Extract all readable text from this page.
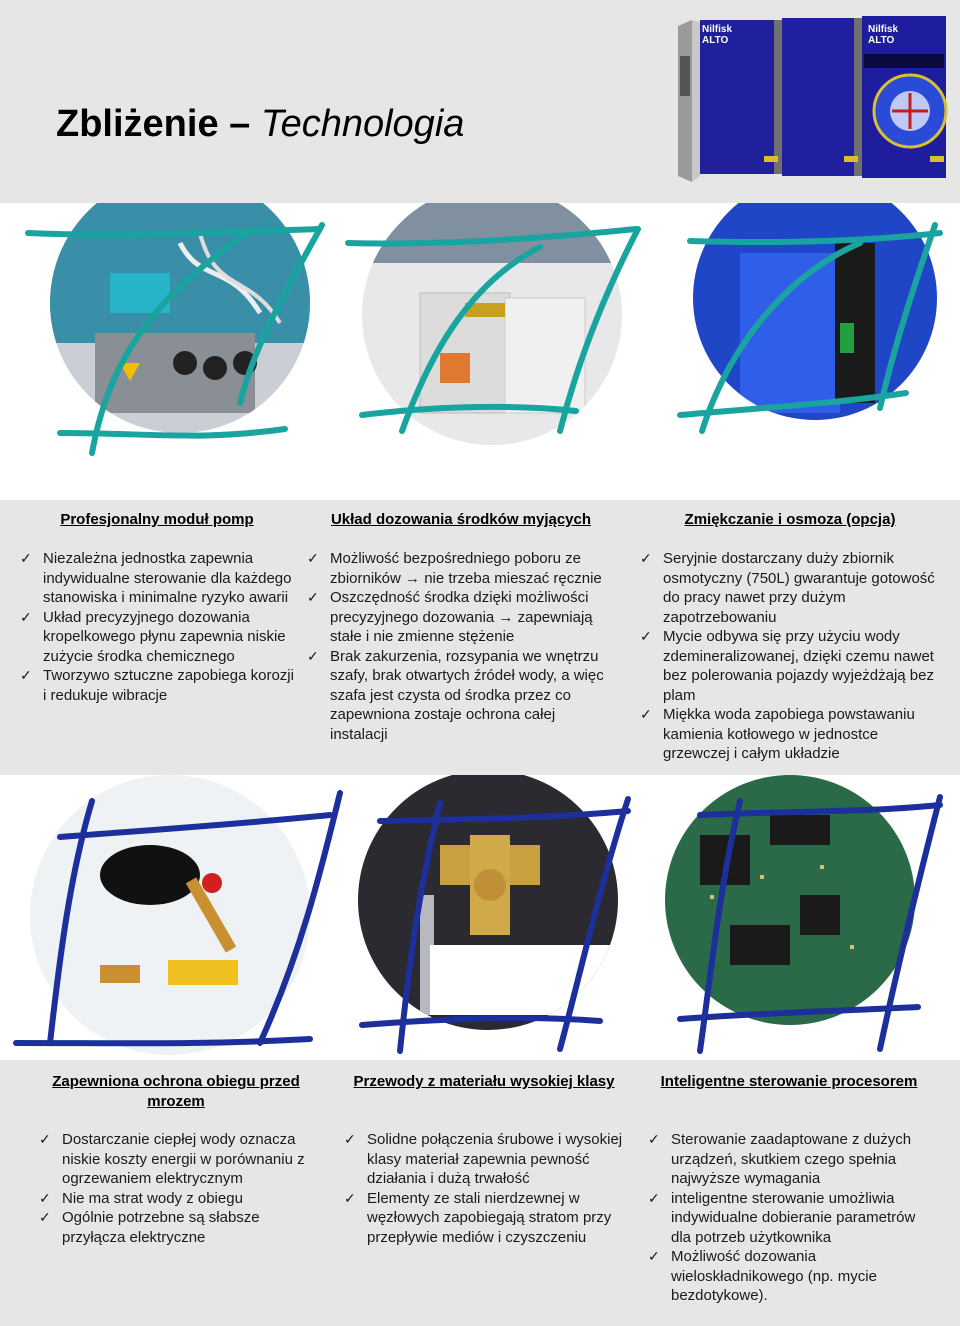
Zbliżenie – Technologia
Nilfisk
ALTO
Nilfisk
ALTO
Profesjonalny moduł pomp
✓ Niezależna jednostka zapewnia indywidualne sterowanie dla każdego stanowiska i minimalne ryzyko awarii
✓ Układ precyzyjnego dozowania kropelkowego płynu zapewnia niskie zużycie środka chemicznego
✓ Tworzywo sztuczne zapobiega korozji i redukuje wibracje
Układ dozowania środków myjących
✓ Możliwość bezpośredniego poboru ze zbiorników → nie trzeba mieszać ręcznie
✓ Oszczędność środka dzięki możliwości precyzyjnego dozowania → zapewniają stałe i nie zmienne stężenie
✓ Brak zakurzenia, rozsypania we wnętrzu szafy, brak otwartych źródeł wody, a więc szafa jest czysta od środka przez co zapewniona zostaje ochrona całej instalacji
Zmiękczanie i osmoza (opcja)
✓ Seryjnie dostarczany duży zbiornik osmotyczny (750L) gwarantuje gotowość do pracy nawet przy dużym zapotrzebowaniu
✓ Mycie odbywa się przy użyciu wody zdemineralizowanej, dzięki czemu nawet bez polerowania pojazdy wyjeżdżają bez plam
✓ Miękka woda zapobiega powstawaniu kamienia kotłowego w jednostce grzewczej i całym układzie
Zapewniona ochrona obiegu przed mrozem
✓ Dostarczanie ciepłej wody oznacza niskie koszty energii w porównaniu z ogrzewaniem elektrycznym
✓ Nie ma strat wody z obiegu
✓ Ogólnie potrzebne są słabsze przyłącza elektryczne
Przewody z materiału wysokiej klasy
✓ Solidne połączenia śrubowe i wysokiej klasy materiał zapewnia pewność działania i dużą trwałość
✓ Elementy ze stali nierdzewnej w węzłowych zapobiegają stratom przy przepływie mediów i czyszczeniu
Inteligentne sterowanie procesorem
✓ Sterowanie zaadaptowane z dużych urządzeń, skutkiem czego spełnia najwyższe wymagania
✓ inteligentne sterowanie umożliwia indywidualne dobieranie parametrów dla potrzeb użytkownika
✓ Możliwość dozowania wieloskładnikowego (np. mycie bezdotykowe).
